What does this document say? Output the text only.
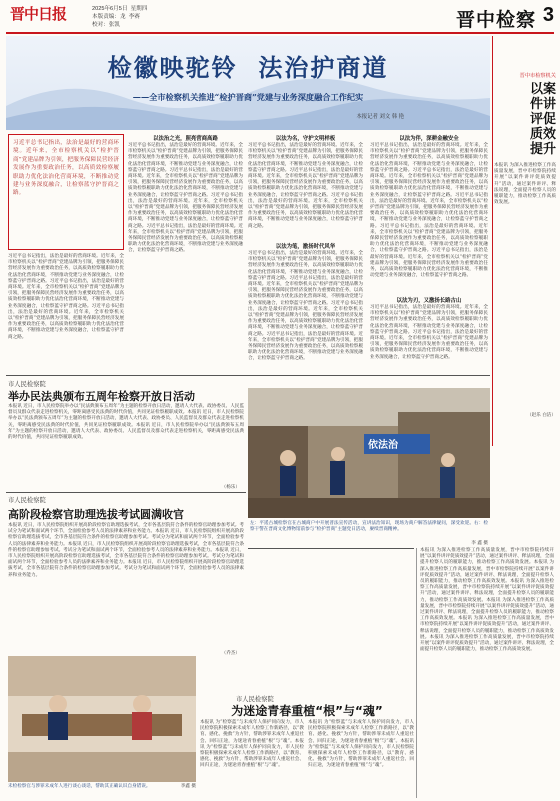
晋中日报	2025年6月5日 星期四
本版责编：龙 李赛
校对：张凯	晋中检察 3
检徽映驼铃  法治护商道
——全市检察机关推进“检护晋商”党建与业务深度融合工作纪实
本报记者 刘文 韩 艳
晋中市检察机关
以案件讲评促质效提升
本报讯 为深入推进检察工作高质量发展，晋中市检察院持续开展“以案件讲评促质效提升”活动，通过案件讲评、释法说理，全面提升检察人员的履职能力，推动检察工作高质效发展。
（赵乐 白洁）
习近平总书记指出，法治是最好的营商环境。近年来，全市检察机关以“检护晋商”党建品牌为引领，把服务保障民营经济发展作为重要政治任务，以高质效检察履职助力优化法治化营商环境，不断推动党建与业务深度融合，让检察蓝守护晋商之路。
以法治之光，照亮营商高路
习近平总书记指出，法治是最好的营商环境。近年来，全市检察机关以“检护晋商”党建品牌为引领，把服务保障民营经济发展作为重要政治任务，以高质效检察履职助力优化法治化营商环境，不断推动党建与业务深度融合，让检察蓝守护晋商之路。习近平总书记指出，法治是最好的营商环境。近年来，全市检察机关以“检护晋商”党建品牌为引领，把服务保障民营经济发展作为重要政治任务，以高质效检察履职助力优化法治化营商环境，不断推动党建与业务深度融合，让检察蓝守护晋商之路。习近平总书记指出，法治是最好的营商环境。近年来，全市检察机关以“检护晋商”党建品牌为引领，把服务保障民营经济发展作为重要政治任务，以高质效检察履职助力优化法治化营商环境，不断推动党建与业务深度融合，让检察蓝守护晋商之路。习近平总书记指出，法治是最好的营商环境。近年来，全市检察机关以“检护晋商”党建品牌为引领，把服务保障民营经济发展作为重要政治任务，以高质效检察履职助力优化法治化营商环境，不断推动党建与业务深度融合，让检察蓝守护晋商之路。
以法为名，守护文明样板
习近平总书记指出，法治是最好的营商环境。近年来，全市检察机关以“检护晋商”党建品牌为引领，把服务保障民营经济发展作为重要政治任务，以高质效检察履职助力优化法治化营商环境，不断推动党建与业务深度融合，让检察蓝守护晋商之路。习近平总书记指出，法治是最好的营商环境。近年来，全市检察机关以“检护晋商”党建品牌为引领，把服务保障民营经济发展作为重要政治任务，以高质效检察履职助力优化法治化营商环境，不断推动党建与业务深度融合，让检察蓝守护晋商之路。习近平总书记指出，法治是最好的营商环境。近年来，全市检察机关以“检护晋商”党建品牌为引领，把服务保障民营经济发展作为重要政治任务，以高质效检察履职助力优化法治化营商环境，不断推动党建与业务深度融合，让检察蓝守护晋商之路。
以法为笔，激扬时代风华
习近平总书记指出，法治是最好的营商环境。近年来，全市检察机关以“检护晋商”党建品牌为引领，把服务保障民营经济发展作为重要政治任务，以高质效检察履职助力优化法治化营商环境，不断推动党建与业务深度融合，让检察蓝守护晋商之路。习近平总书记指出，法治是最好的营商环境。近年来，全市检察机关以“检护晋商”党建品牌为引领，把服务保障民营经济发展作为重要政治任务，以高质效检察履职助力优化法治化营商环境，不断推动党建与业务深度融合，让检察蓝守护晋商之路。习近平总书记指出，法治是最好的营商环境。近年来，全市检察机关以“检护晋商”党建品牌为引领，把服务保障民营经济发展作为重要政治任务，以高质效检察履职助力优化法治化营商环境，不断推动党建与业务深度融合，让检察蓝守护晋商之路。习近平总书记指出，法治是最好的营商环境。近年来，全市检察机关以“检护晋商”党建品牌为引领，把服务保障民营经济发展作为重要政治任务，以高质效检察履职助力优化法治化营商环境，不断推动党建与业务深度融合，让检察蓝守护晋商之路。
以法为伴，深耕金融安全
习近平总书记指出，法治是最好的营商环境。近年来，全市检察机关以“检护晋商”党建品牌为引领，把服务保障民营经济发展作为重要政治任务，以高质效检察履职助力优化法治化营商环境，不断推动党建与业务深度融合，让检察蓝守护晋商之路。习近平总书记指出，法治是最好的营商环境。近年来，全市检察机关以“检护晋商”党建品牌为引领，把服务保障民营经济发展作为重要政治任务，以高质效检察履职助力优化法治化营商环境，不断推动党建与业务深度融合，让检察蓝守护晋商之路。习近平总书记指出，法治是最好的营商环境。近年来，全市检察机关以“检护晋商”党建品牌为引领，把服务保障民营经济发展作为重要政治任务，以高质效检察履职助力优化法治化营商环境，不断推动党建与业务深度融合，让检察蓝守护晋商之路。习近平总书记指出，法治是最好的营商环境。近年来，全市检察机关以“检护晋商”党建品牌为引领，把服务保障民营经济发展作为重要政治任务，以高质效检察履职助力优化法治化营商环境，不断推动党建与业务深度融合，让检察蓝守护晋商之路。习近平总书记指出，法治是最好的营商环境。近年来，全市检察机关以“检护晋商”党建品牌为引领，把服务保障民营经济发展作为重要政治任务，以高质效检察履职助力优化法治化营商环境，不断推动党建与业务深度融合，让检察蓝守护晋商之路。
以法为刃，又激扬长路古山
习近平总书记指出，法治是最好的营商环境。近年来，全市检察机关以“检护晋商”党建品牌为引领，把服务保障民营经济发展作为重要政治任务，以高质效检察履职助力优化法治化营商环境，不断推动党建与业务深度融合，让检察蓝守护晋商之路。习近平总书记指出，法治是最好的营商环境。近年来，全市检察机关以“检护晋商”党建品牌为引领，把服务保障民营经济发展作为重要政治任务，以高质效检察履职助力优化法治化营商环境，不断推动党建与业务深度融合，让检察蓝守护晋商之路。
习近平总书记指出，法治是最好的营商环境。近年来，全市检察机关以“检护晋商”党建品牌为引领，把服务保障民营经济发展作为重要政治任务，以高质效检察履职助力优化法治化营商环境，不断推动党建与业务深度融合，让检察蓝守护晋商之路。习近平总书记指出，法治是最好的营商环境。近年来，全市检察机关以“检护晋商”党建品牌为引领，把服务保障民营经济发展作为重要政治任务，以高质效检察履职助力优化法治化营商环境，不断推动党建与业务深度融合，让检察蓝守护晋商之路。习近平总书记指出，法治是最好的营商环境。近年来，全市检察机关以“检护晋商”党建品牌为引领，把服务保障民营经济发展作为重要政治任务，以高质效检察履职助力优化法治化营商环境，不断推动党建与业务深度融合，让检察蓝守护晋商之路。
市人民检察院
举办民法典颁布五周年检察开放日活动
本报讯 近日，市人民检察院举办以“民法典颁布五周年”为主题的检察开放日活动，邀请人大代表、政协委员、人民监督员及群众代表走进检察机关，零距离感受民法典的时代价值，共同见证检察履职成效。本报讯 近日，市人民检察院举办以“民法典颁布五周年”为主题的检察开放日活动，邀请人大代表、政协委员、人民监督员及群众代表走进检察机关，零距离感受民法典的时代价值，共同见证检察履职成效。本报讯 近日，市人民检察院举办以“民法典颁布五周年”为主题的检察开放日活动，邀请人大代表、政协委员、人民监督员及群众代表走进检察机关，零距离感受民法典的时代价值，共同见证检察履职成效。
（杨乐）
依法治
左：平遥古城检察官在古城商户中开展普法宣传活动，宣讲法治知识，现场为商户解答法律疑问，深受欢迎。右：检察干警在晋商文化博物馆前参与“检护晋商”主题党日活动，赓续晋商精神。
李 鑫 摄
市人民检察院
高阶段检察官助理选拔考试圆满收官
本报讯 近日，市人民检察院组织开展高阶段检察官助理选拔考试，全市各基层院符合条件的检察官助理参加考试。考试分为笔试和面试两个环节，全面检验参考人员的法律素养和业务能力。本报讯 近日，市人民检察院组织开展高阶段检察官助理选拔考试，全市各基层院符合条件的检察官助理参加考试。考试分为笔试和面试两个环节，全面检验参考人员的法律素养和业务能力。本报讯 近日，市人民检察院组织开展高阶段检察官助理选拔考试，全市各基层院符合条件的检察官助理参加考试。考试分为笔试和面试两个环节，全面检验参考人员的法律素养和业务能力。本报讯 近日，市人民检察院组织开展高阶段检察官助理选拔考试，全市各基层院符合条件的检察官助理参加考试。考试分为笔试和面试两个环节，全面检验参考人员的法律素养和业务能力。本报讯 近日，市人民检察院组织开展高阶段检察官助理选拔考试，全市各基层院符合条件的检察官助理参加考试。考试分为笔试和面试两个环节，全面检验参考人员的法律素养和业务能力。
（乔杰）
本报讯 为深入推进检察工作高质量发展，晋中市检察院持续开展“以案件讲评促质效提升”活动，通过案件讲评、释法说理，全面提升检察人员的履职能力，推动检察工作高质效发展。本报讯 为深入推进检察工作高质量发展，晋中市检察院持续开展“以案件讲评促质效提升”活动，通过案件讲评、释法说理，全面提升检察人员的履职能力，推动检察工作高质效发展。本报讯 为深入推进检察工作高质量发展，晋中市检察院持续开展“以案件讲评促质效提升”活动，通过案件讲评、释法说理，全面提升检察人员的履职能力，推动检察工作高质效发展。本报讯 为深入推进检察工作高质量发展，晋中市检察院持续开展“以案件讲评促质效提升”活动，通过案件讲评、释法说理，全面提升检察人员的履职能力，推动检察工作高质效发展。本报讯 为深入推进检察工作高质量发展，晋中市检察院持续开展“以案件讲评促质效提升”活动，通过案件讲评、释法说理，全面提升检察人员的履职能力，推动检察工作高质效发展。本报讯 为深入推进检察工作高质量发展，晋中市检察院持续开展“以案件讲评促质效提升”活动，通过案件讲评、释法说理，全面提升检察人员的履职能力，推动检察工作高质效发展。
市人民检察院
为迷途青春重植“根”与“魂”
本报讯 为“检察蓝”与未成年人保护同向发力，市人民检察院积极探索未成年人检察工作新路径，以“教育、感化、挽救”为方针，帮助涉罪未成年人重返社会、回归正途，为迷途青春重植“根”与“魂”。本报讯 为“检察蓝”与未成年人保护同向发力，市人民检察院积极探索未成年人检察工作新路径，以“教育、感化、挽救”为方针，帮助涉罪未成年人重返社会、回归正途，为迷途青春重植“根”与“魂”。
本报讯 为“检察蓝”与未成年人保护同向发力，市人民检察院积极探索未成年人检察工作新路径，以“教育、感化、挽救”为方针，帮助涉罪未成年人重返社会、回归正途，为迷途青春重植“根”与“魂”。本报讯 为“检察蓝”与未成年人保护同向发力，市人民检察院积极探索未成年人检察工作新路径，以“教育、感化、挽救”为方针，帮助涉罪未成年人重返社会、回归正途，为迷途青春重植“根”与“魂”。
未检检察官与涉罪未成年人进行谈心谈话，帮助其正确认识自身错误。	李鑫 摄
